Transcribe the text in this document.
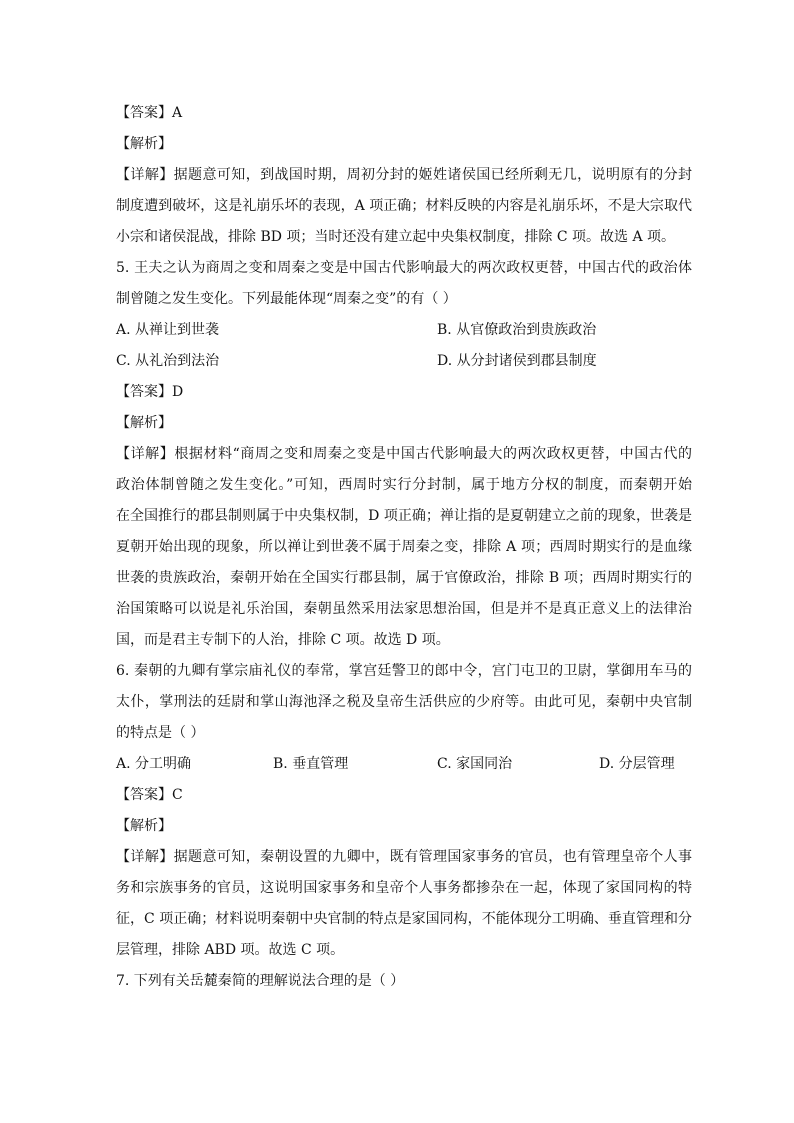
【答案】A
【解析】
【详解】据题意可知，到战国时期，周初分封的姬姓诸侯国已经所剩无几，说明原有的分封
制度遭到破坏，这是礼崩乐坏的表现，A 项正确；材料反映的内容是礼崩乐坏，不是大宗取代
小宗和诸侯混战，排除 BD 项；当时还没有建立起中央集权制度，排除 C 项。故选 A 项。
5. 王夫之认为商周之变和周秦之变是中国古代影响最大的两次政权更替，中国古代的政治体
制曾随之发生变化。下列最能体现“周秦之变”的有（ ）
A. 从禅让到世袭	B. 从官僚政治到贵族政治
C. 从礼治到法治	D. 从分封诸侯到郡县制度
【答案】D
【解析】
【详解】根据材料“商周之变和周秦之变是中国古代影响最大的两次政权更替，中国古代的
政治体制曾随之发生变化。”可知，西周时实行分封制，属于地方分权的制度，而秦朝开始
在全国推行的郡县制则属于中央集权制，D 项正确；禅让指的是夏朝建立之前的现象，世袭是
夏朝开始出现的现象，所以禅让到世袭不属于周秦之变，排除 A 项；西周时期实行的是血缘
世袭的贵族政治，秦朝开始在全国实行郡县制，属于官僚政治，排除 B 项；西周时期实行的
治国策略可以说是礼乐治国，秦朝虽然采用法家思想治国，但是并不是真正意义上的法律治
国，而是君主专制下的人治，排除 C 项。故选 D 项。
6. 秦朝的九卿有掌宗庙礼仪的奉常，掌宫廷警卫的郎中令，宫门屯卫的卫尉，掌御用车马的
太仆，掌刑法的廷尉和掌山海池泽之税及皇帝生活供应的少府等。由此可见，秦朝中央官制
的特点是（ ）
A. 分工明确	B. 垂直管理	C. 家国同治	D. 分层管理
【答案】C
【解析】
【详解】据题意可知，秦朝设置的九卿中，既有管理国家事务的官员，也有管理皇帝个人事
务和宗族事务的官员，这说明国家事务和皇帝个人事务都掺杂在一起，体现了家国同构的特
征，C 项正确；材料说明秦朝中央官制的特点是家国同构，不能体现分工明确、垂直管理和分
层管理，排除 ABD 项。故选 C 项。
7. 下列有关岳麓秦简的理解说法合理的是（ ）
